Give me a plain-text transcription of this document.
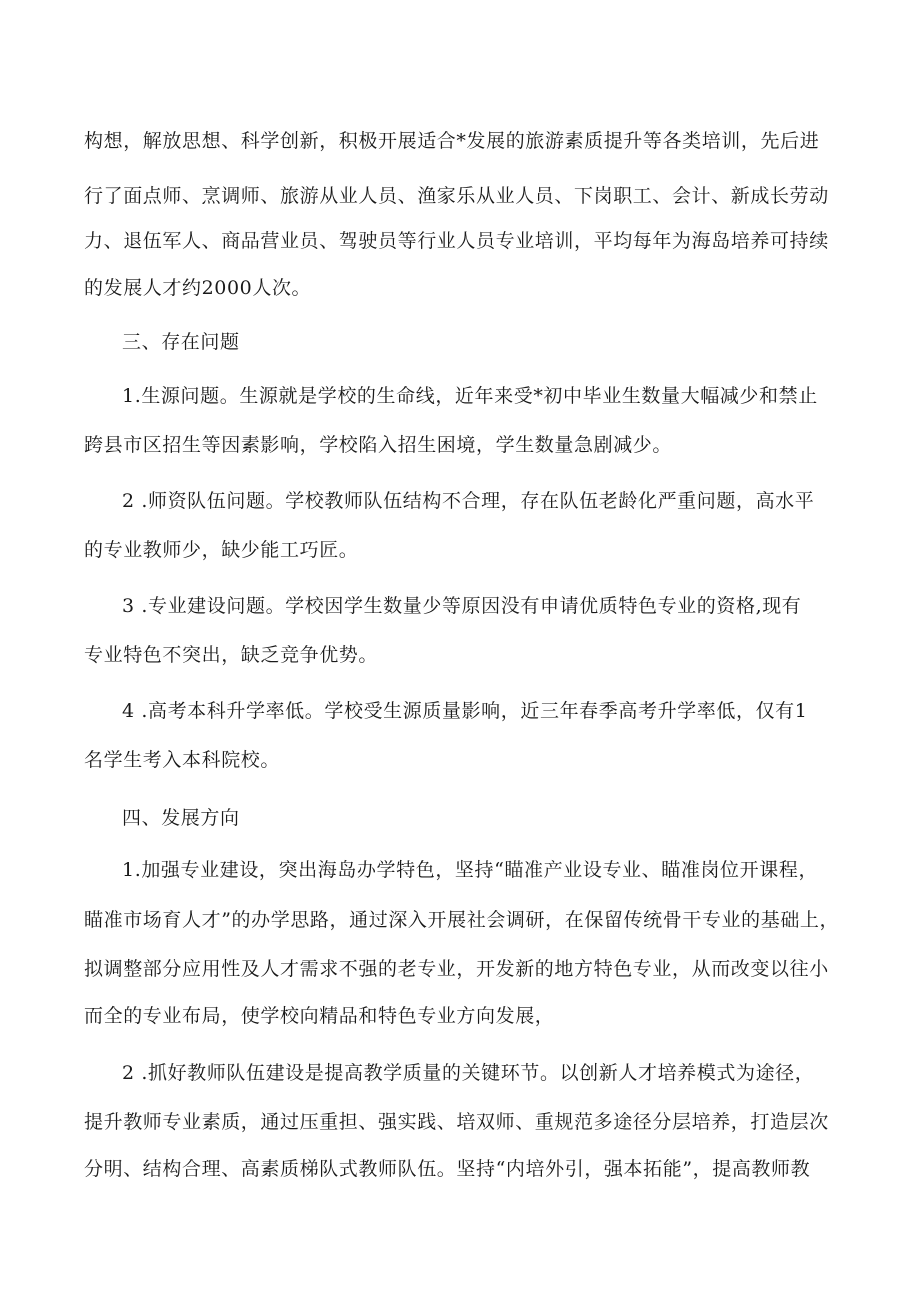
构想，解放思想、科学创新，积极开展适合*发展的旅游素质提升等各类培训，先后进

行了面点师、烹调师、旅游从业人员、渔家乐从业人员、下岗职工、会计、新成长劳动

力、退伍军人、商品营业员、驾驶员等行业人员专业培训，平均每年为海岛培养可持续

的发展人才约2000人次。

三、存在问题

1.生源问题。生源就是学校的生命线，近年来受*初中毕业生数量大幅减少和禁止

跨县市区招生等因素影响，学校陷入招生困境，学生数量急剧减少。

2 .师资队伍问题。学校教师队伍结构不合理，存在队伍老龄化严重问题，高水平

的专业教师少，缺少能工巧匠。

3 .专业建设问题。学校因学生数量少等原因没有申请优质特色专业的资格,现有

专业特色不突出，缺乏竞争优势。

4 .高考本科升学率低。学校受生源质量影响，近三年春季高考升学率低，仅有1

名学生考入本科院校。

四、发展方向

1.加强专业建设，突出海岛办学特色，坚持“瞄准产业设专业、瞄准岗位开课程，

瞄准市场育人才”的办学思路，通过深入开展社会调研，在保留传统骨干专业的基础上，

拟调整部分应用性及人才需求不强的老专业，开发新的地方特色专业，从而改变以往小

而全的专业布局，使学校向精品和特色专业方向发展，

2 .抓好教师队伍建设是提高教学质量的关键环节。以创新人才培养模式为途径，

提升教师专业素质，通过压重担、强实践、培双师、重规范多途径分层培养，打造层次

分明、结构合理、高素质梯队式教师队伍。坚持“内培外引，强本拓能”，提高教师教
